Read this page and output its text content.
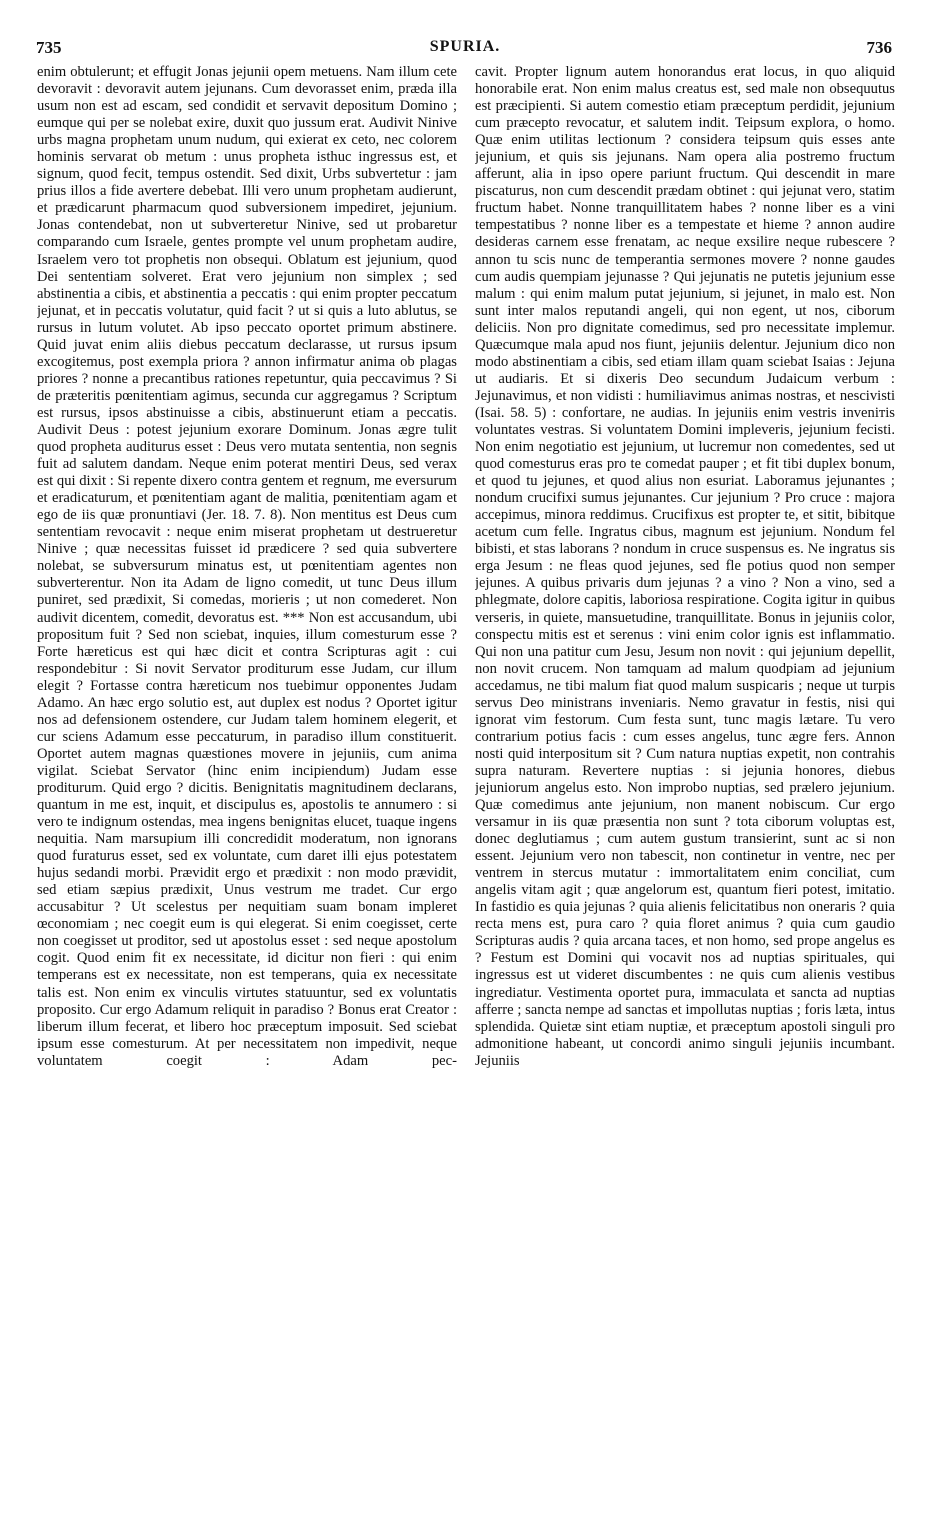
735	SPURIA.	736

enim obtulerunt; et effugit Jonas jejunii opem metuens. Nam illum cete devoravit : devoravit autem jejunans. Cum devorasset enim, præda illa usum non est ad escam, sed condidit et servavit depositum Domino ; eumque qui per se nolebat exire, duxit quo jussum erat. Audivit Ninive urbs magna prophetam unum nudum, qui exierat ex ceto, nec colorem hominis servarat ob metum : unus propheta isthuc ingressus est, et signum, quod fecit, tempus ostendit. Sed dixit, Urbs subvertetur : jam prius illos a fide avertere debebat. Illi vero unum prophetam audierunt, et prædicarunt pharmacum quod subversionem impediret, jejunium. Jonas contendebat, non ut subverteretur Ninive, sed ut probaretur comparando cum Israele, gentes prompte vel unum prophetam audire, Israelem vero tot prophetis non obsequi. Oblatum est jejunium, quod Dei sententiam solveret. Erat vero jejunium non simplex ; sed abstinentia a cibis, et abstinentia a peccatis : qui enim propter peccatum jejunat, et in peccatis volutatur, quid facit ? ut si quis a luto ablutus, se rursus in lutum volutet. Ab ipso peccato oportet primum abstinere. Quid juvat enim aliis diebus peccatum declarasse, ut rursus ipsum excogitemus, post exempla priora ? annon infirmatur anima ob plagas priores ? nonne a precantibus rationes repetuntur, quia peccavimus ? Si de præteritis pœnitentiam agimus, secunda cur aggregamus ? Scriptum est rursus, ipsos abstinuisse a cibis, abstinuerunt etiam a peccatis. Audivit Deus : potest jejunium exorare Dominum. Jonas ægre tulit quod propheta auditurus esset : Deus vero mutata sententia, non segnis fuit ad salutem dandam. Neque enim poterat mentiri Deus, sed verax est qui dixit : Si repente dixero contra gentem et regnum, me eversurum et eradicaturum, et pœnitentiam agant de malitia, pœnitentiam agam et ego de iis quæ pronuntiavi (Jer. 18. 7. 8). Non mentitus est Deus cum sententiam revocavit : neque enim miserat prophetam ut destrueretur Ninive ; quæ necessitas fuisset id prædicere ? sed quia subvertere nolebat, se subversurum minatus est, ut pœnitentiam agentes non subverterentur. Non ita Adam de ligno comedit, ut tunc Deus illum puniret, sed prædixit, Si comedas, morieris ; ut non comederet. Non audivit dicentem, comedit, devoratus est. *** Non est accusandum, ubi propositum fuit ? Sed non sciebat, inquies, illum comesturum esse ? Forte hæreticus est qui hæc dicit et contra Scripturas agit : cui respondebitur : Si novit Servator proditurum esse Judam, cur illum elegit ? Fortasse contra hæreticum nos tuebimur opponentes Judam Adamo. An hæc ergo solutio est, aut duplex est nodus ? Oportet igitur nos ad defensionem ostendere, cur Judam talem hominem elegerit, et cur sciens Adamum esse peccaturum, in paradiso illum constituerit. Oportet autem magnas quæstiones movere in jejuniis, cum anima vigilat. Sciebat Servator (hinc enim incipiendum) Judam esse proditurum. Quid ergo ? dicitis. Benignitatis magnitudinem declarans, quantum in me est, inquit, et discipulus es, apostolis te annumero : si vero te indignum ostendas, mea ingens benignitas elucet, tuaque ingens nequitia. Nam marsupium illi concredidit moderatum, non ignorans quod furaturus esset, sed ex voluntate, cum daret illi ejus potestatem hujus sedandi morbi. Prævidit ergo et prædixit : non modo prævidit, sed etiam sæpius prædixit, Unus vestrum me tradet. Cur ergo accusabitur ? Ut scelestus per nequitiam suam bonam impleret œconomiam ; nec coegit eum is qui elegerat. Si enim coegisset, certe non coegisset ut proditor, sed ut apostolus esset : sed neque apostolum cogit. Quod enim fit ex necessitate, id dicitur non fieri : qui enim temperans est ex necessitate, non est temperans, quia ex necessitate talis est. Non enim ex vinculis virtutes statuuntur, sed ex voluntatis proposito. Cur ergo Adamum reliquit in paradiso ? Bonus erat Creator : liberum illum fecerat, et libero hoc præceptum imposuit. Sed sciebat ipsum esse comesturum. At per necessitatem non impedivit, neque voluntatem coegit : Adam pec-

cavit. Propter lignum autem honorandus erat locus, in quo aliquid honorabile erat. Non enim malus creatus est, sed male non obsequutus est præcipienti. Si autem comestio etiam præceptum perdidit, jejunium cum præcepto revocatur, et salutem indit. Teipsum explora, o homo. Quæ enim utilitas lectionum ? considera teipsum quis esses ante jejunium, et quis sis jejunans. Nam opera alia postremo fructum afferunt, alia in ipso opere pariunt fructum. Qui descendit in mare piscaturus, non cum descendit prædam obtinet : qui jejunat vero, statim fructum habet. Nonne tranquillitatem habes ? nonne liber es a vini tempestatibus ? nonne liber es a tempestate et hieme ? annon audire desideras carnem esse frenatam, ac neque exsilire neque rubescere ? annon tu scis nunc de temperantia sermones movere ? nonne gaudes cum audis quempiam jejunasse ? Qui jejunatis ne putetis jejunium esse malum : qui enim malum putat jejunium, si jejunet, in malo est. Non sunt inter malos reputandi angeli, qui non egent, ut nos, ciborum deliciis. Non pro dignitate comedimus, sed pro necessitate implemur. Quæcumque mala apud nos fiunt, jejuniis delentur. Jejunium dico non modo abstinentiam a cibis, sed etiam illam quam sciebat Isaias : Jejuna ut audiaris. Et si dixeris Deo secundum Judaicum verbum : Jejunavimus, et non vidisti : humiliavimus animas nostras, et nescivisti (Isai. 58. 5) : confortare, ne audias. In jejuniis enim vestris inveniтis voluntates vestras. Si voluntatem Domini impleveris, jejunium fecisti. Non enim negotiatio est jejunium, ut lucremur non comedentes, sed ut quod comesturus eras pro te comedat pauper ; et fit tibi duplex bonum, et quod tu jejunes, et quod alius non esuriat. Laboramus jejunantes ; nondum crucifixi sumus jejunantes. Cur jejunium ? Pro cruce : majora accepimus, minora reddimus. Crucifixus est propter te, et sitit, bibitque acetum cum felle. Ingratus cibus, magnum est jejunium. Nondum fel bibisti, et stas laborans ? nondum in cruce suspensus es. Ne ingratus sis erga Jesum : ne fleas quod jejunes, sed fle potius quod non semper jejunes. A quibus privaris dum jejunas ? a vino ? Non a vino, sed a phlegmate, dolore capitis, laboriosa respiratione. Cogita igitur in quibus verseris, in quiete, mansuetudine, tranquillitate. Bonus in jejuniis color, conspectu mitis est et serenus : vini enim color ignis est inflammatio. Qui non una patitur cum Jesu, Jesum non novit : qui jejunium depellit, non novit crucem. Non tamquam ad malum quodpiam ad jejunium accedamus, ne tibi malum fiat quod malum suspicaris ; neque ut turpis servus Deo ministrans inveniaris. Nemo gravatur in festis, nisi qui ignorat vim festorum. Cum festa sunt, tunc magis lætare. Tu vero contrarium potius facis : cum esses angelus, tunc ægre fers. Annon nosti quid interpositum sit ? Cum natura nuptias expetit, non contrahis supra naturam. Revertere nuptias : si jejunia honores, diebus jejuniorum angelus esto. Non improbo nuptias, sed prælero jejunium. Quæ comedimus ante jejunium, non manent nobiscum. Cur ergo versamur in iis quæ præsentia non sunt ? tota ciborum voluptas est, donec deglutiamus ; cum autem gustum transierint, sunt ac si non essent. Jejunium vero non tabescit, non continetur in ventre, nec per ventrem in stercus mutatur : immortalitatem enim conciliat, cum angelis vitam agit ; quæ angelorum est, quantum fieri potest, imitatio. In fastidio es quia jejunas ? quia alienis felicitatibus non oneraris ? quia recta mens est, pura caro ? quia floret animus ? quia cum gaudio Scripturas audis ? quia arcana taces, et non homo, sed prope angelus es ? Festum est Domini qui vocavit nos ad nuptias spirituales, qui ingressus est ut videret discumbentes : ne quis cum alienis vestibus ingrediatur. Vestimenta oportet pura, immaculata et sancta ad nuptias afferre ; sancta nempe ad sanctas et impollutas nuptias ; foris læta, intus splendida. Quietæ sint etiam nuptiæ, et præceptum apostoli singuli pro admonitione habeant, ut concordi animo singuli jejuniis incumbant. Jejuniis
